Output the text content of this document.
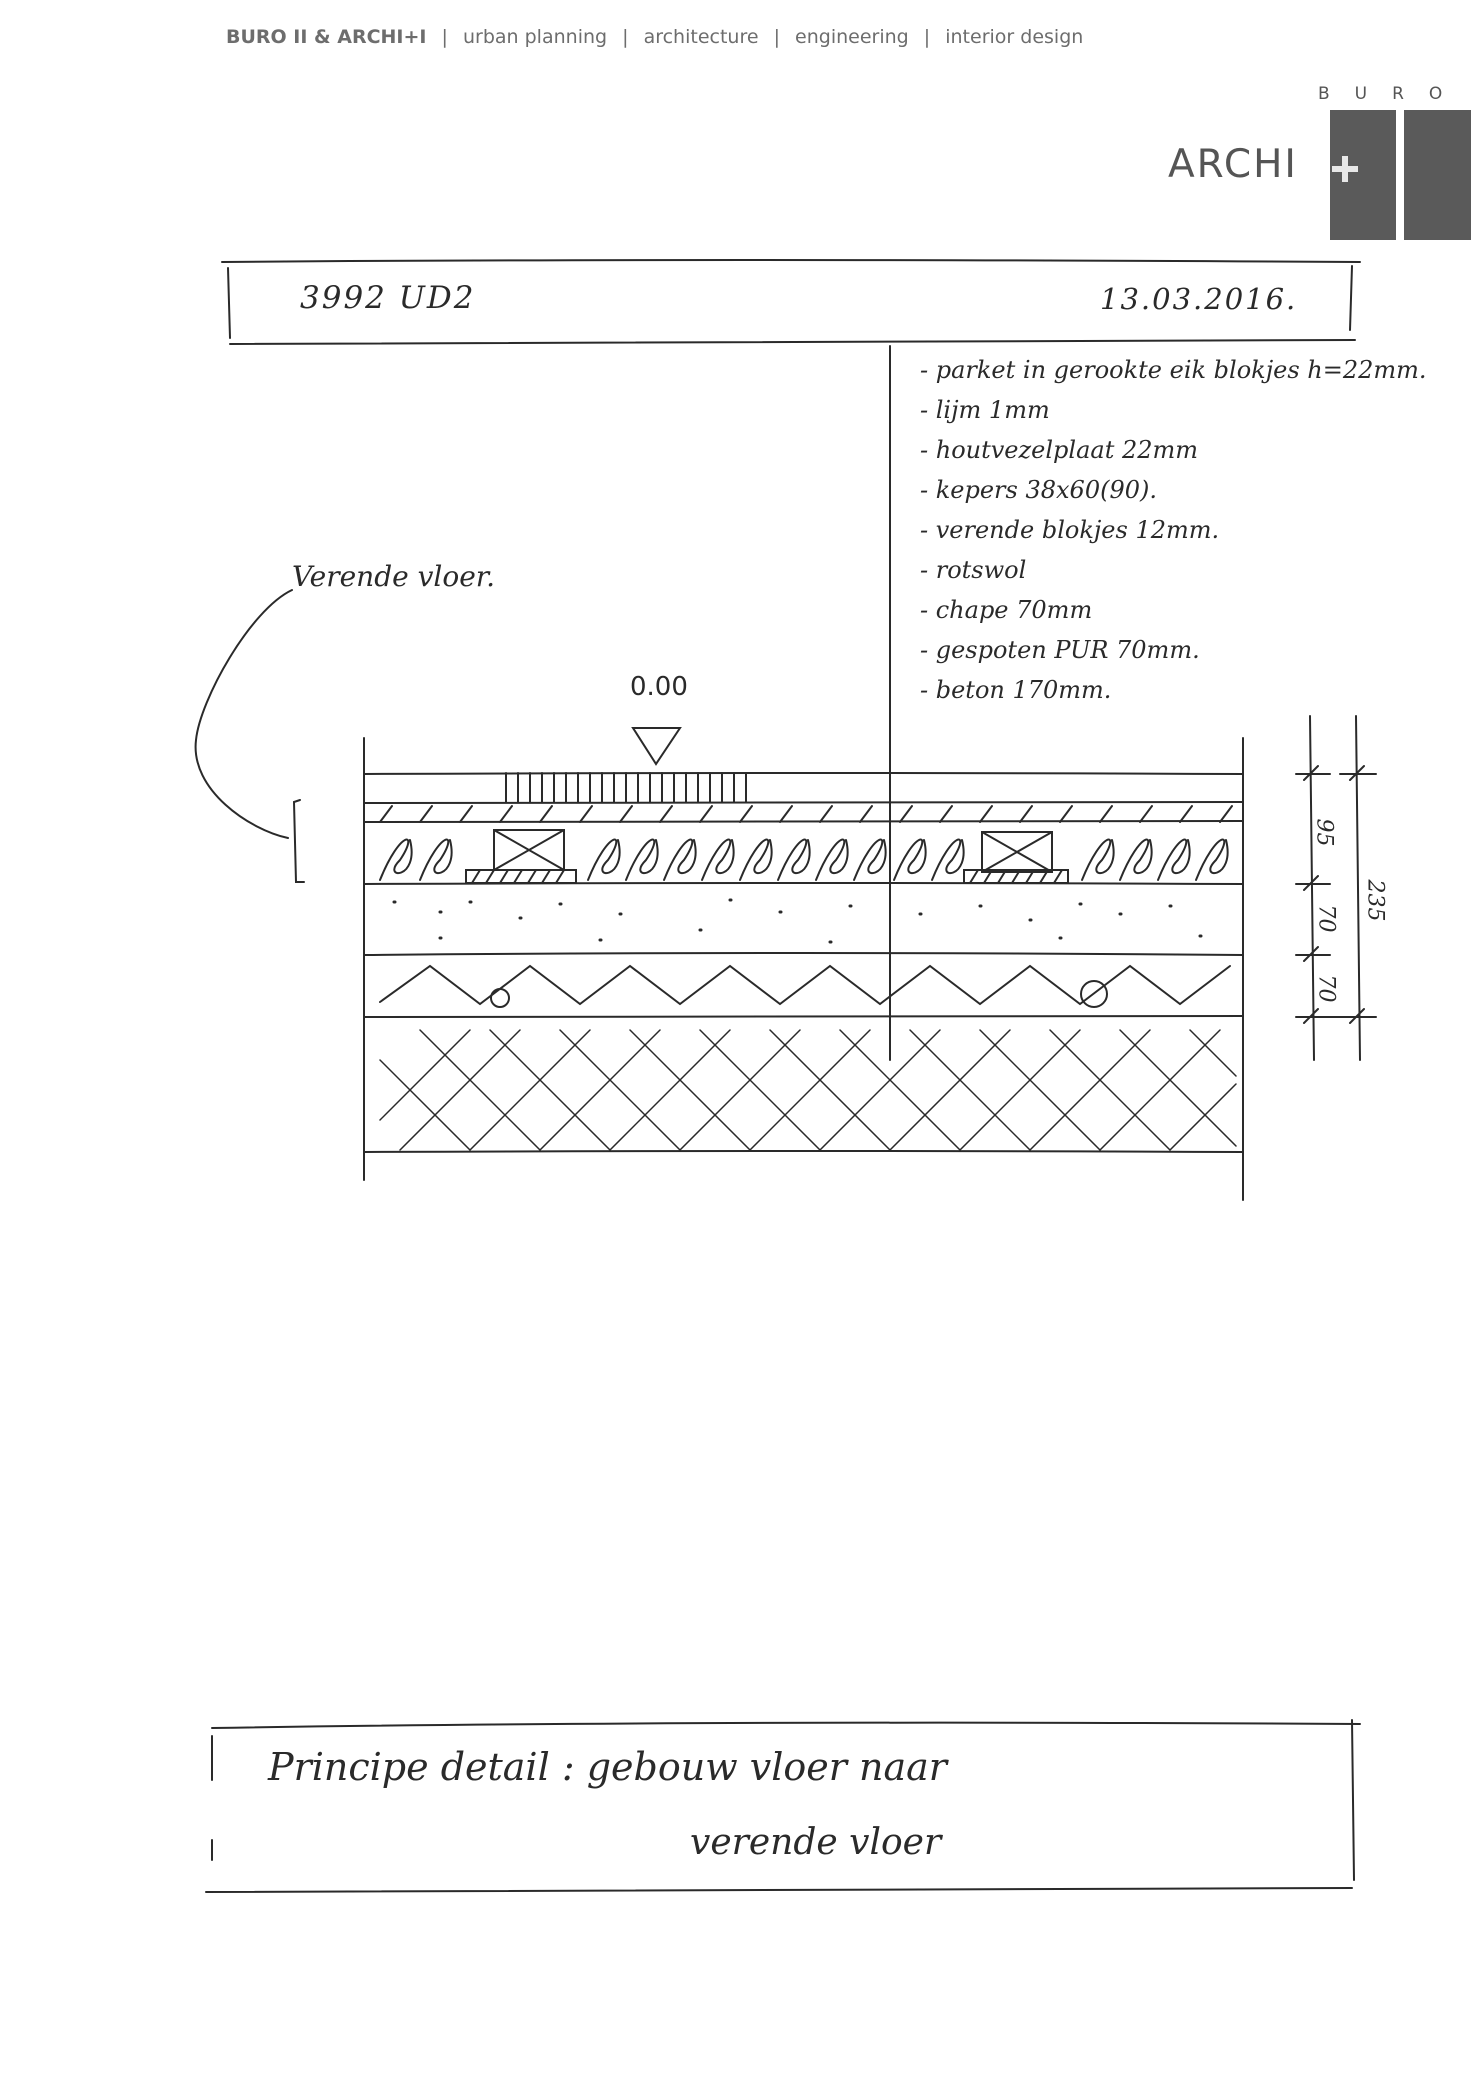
BURO II & ARCHI+I | urban planning | architecture | engineering | interior design
BURO
ARCHI
3992 UD2	13.03.2016.
- parket in gerookte eik blokjes h=22mm.
- lijm 1mm
- houtvezelplaat 22mm
- kepers 38x60(90).
- verende blokjes 12mm.
- rotswol
- chape 70mm
- gespoten PUR 70mm.
- beton 170mm.
Verende vloer.
0.00
95
70
70
235
Principe detail : gebouw vloer naar
verende vloer
